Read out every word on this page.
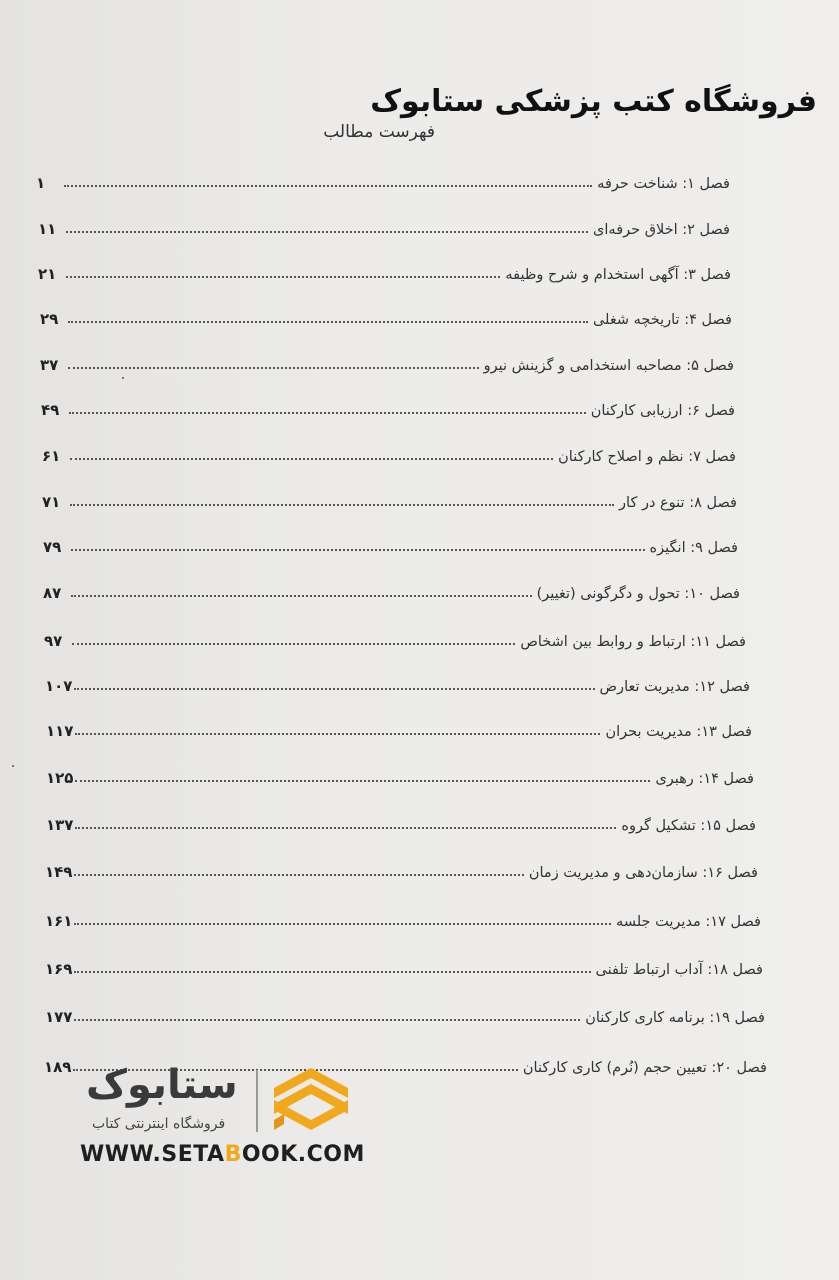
فروشگاه کتب پزشکی ستابوک
فهرست مطالب
فصل ۱: شناخت حرفه
۱
فصل ۲: اخلاق حرفه‌ای
۱۱
فصل ۳: آگهی استخدام و شرح وظیفه
۲۱
فصل ۴: تاریخچه شغلی
۲۹
فصل ۵: مصاحبه استخدامی و گزینش نیرو
۳۷
فصل ۶: ارزیابی کارکنان
۴۹
فصل ۷: نظم و اصلاح کارکنان
۶۱
فصل ۸: تنوع در کار
۷۱
فصل ۹: انگیزه
۷۹
فصل ۱۰: تحول و دگرگونی (تغییر)
۸۷
فصل ۱۱: ارتباط و روابط بین اشخاص
۹۷
فصل ۱۲: مدیریت تعارض
۱۰۷
فصل ۱۳: مدیریت بحران
۱۱۷
فصل ۱۴: رهبری
۱۲۵
فصل ۱۵: تشکیل گروه
۱۳۷
فصل ۱۶: سازمان‌دهی و مدیریت زمان
۱۴۹
فصل ۱۷: مدیریت جلسه
۱۶۱
فصل ۱۸: آداب ارتباط تلفنی
۱۶۹
فصل ۱۹: برنامه کاری کارکنان
۱۷۷
فصل ۲۰: تعیین حجم (نُرم) کاری کارکنان
۱۸۹ ستابوک
فروشگاه اینترنتی کتاب
WWW.SETABOOK.COM
